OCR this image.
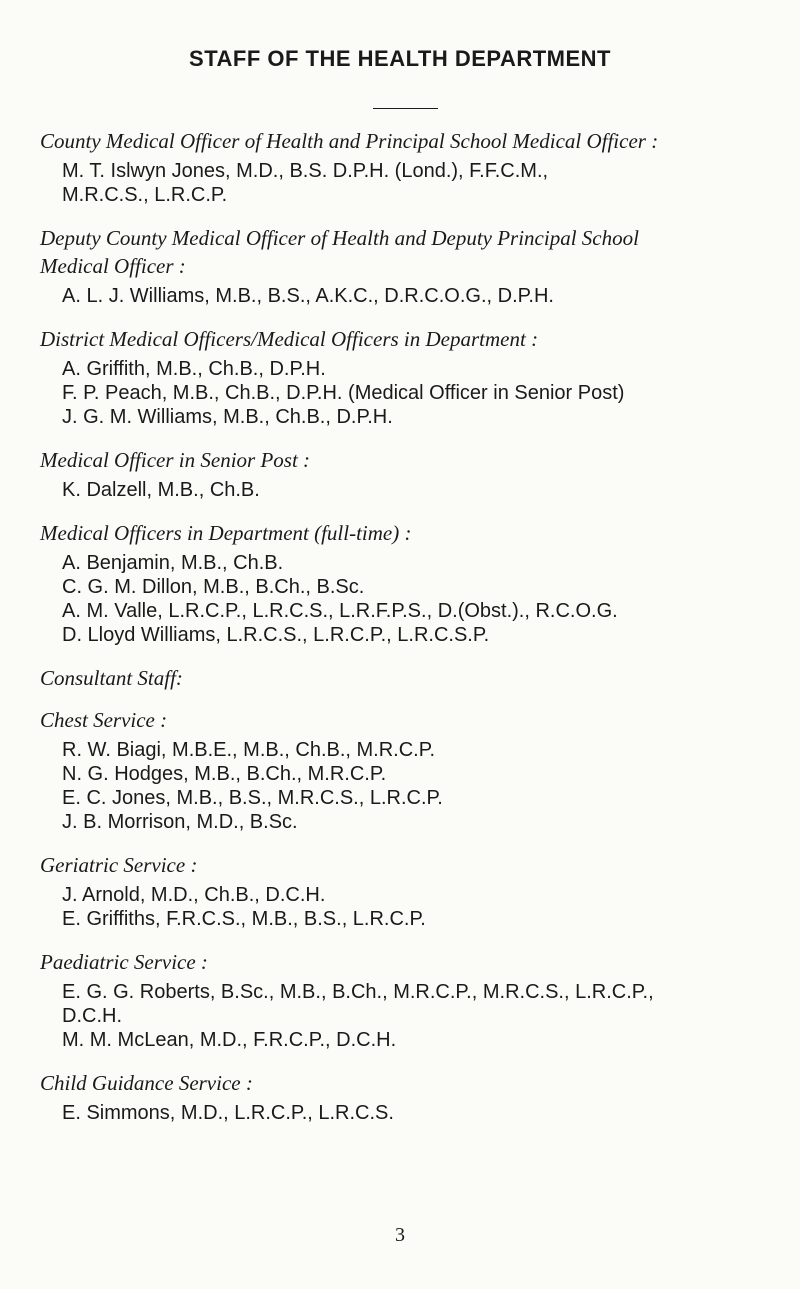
STAFF OF THE HEALTH DEPARTMENT
County Medical Officer of Health and Principal School Medical Officer :
M. T. Islwyn Jones, M.D., B.S. D.P.H. (Lond.), F.F.C.M.,
M.R.C.S., L.R.C.P.
Deputy County Medical Officer of Health and Deputy Principal School
Medical Officer :
A. L. J. Williams, M.B., B.S., A.K.C., D.R.C.O.G., D.P.H.
District Medical Officers/Medical Officers in Department :
A. Griffith, M.B., Ch.B., D.P.H.
F. P. Peach, M.B., Ch.B., D.P.H. (Medical Officer in Senior Post)
J. G. M. Williams, M.B., Ch.B., D.P.H.
Medical Officer in Senior Post :
K. Dalzell, M.B., Ch.B.
Medical Officers in Department (full-time) :
A. Benjamin, M.B., Ch.B.
C. G. M. Dillon, M.B., B.Ch., B.Sc.
A. M. Valle, L.R.C.P., L.R.C.S., L.R.F.P.S., D.(Obst.)., R.C.O.G.
D. Lloyd Williams, L.R.C.S., L.R.C.P., L.R.C.S.P.
Consultant Staff:
Chest Service :
R. W. Biagi, M.B.E., M.B., Ch.B., M.R.C.P.
N. G. Hodges, M.B., B.Ch., M.R.C.P.
E. C. Jones, M.B., B.S., M.R.C.S., L.R.C.P.
J. B. Morrison, M.D., B.Sc.
Geriatric Service :
J. Arnold, M.D., Ch.B., D.C.H.
E. Griffiths, F.R.C.S., M.B., B.S., L.R.C.P.
Paediatric Service :
E. G. G. Roberts, B.Sc., M.B., B.Ch., M.R.C.P., M.R.C.S., L.R.C.P.,
D.C.H.
M. M. McLean, M.D., F.R.C.P., D.C.H.
Child Guidance Service :
E. Simmons, M.D., L.R.C.P., L.R.C.S.
3
